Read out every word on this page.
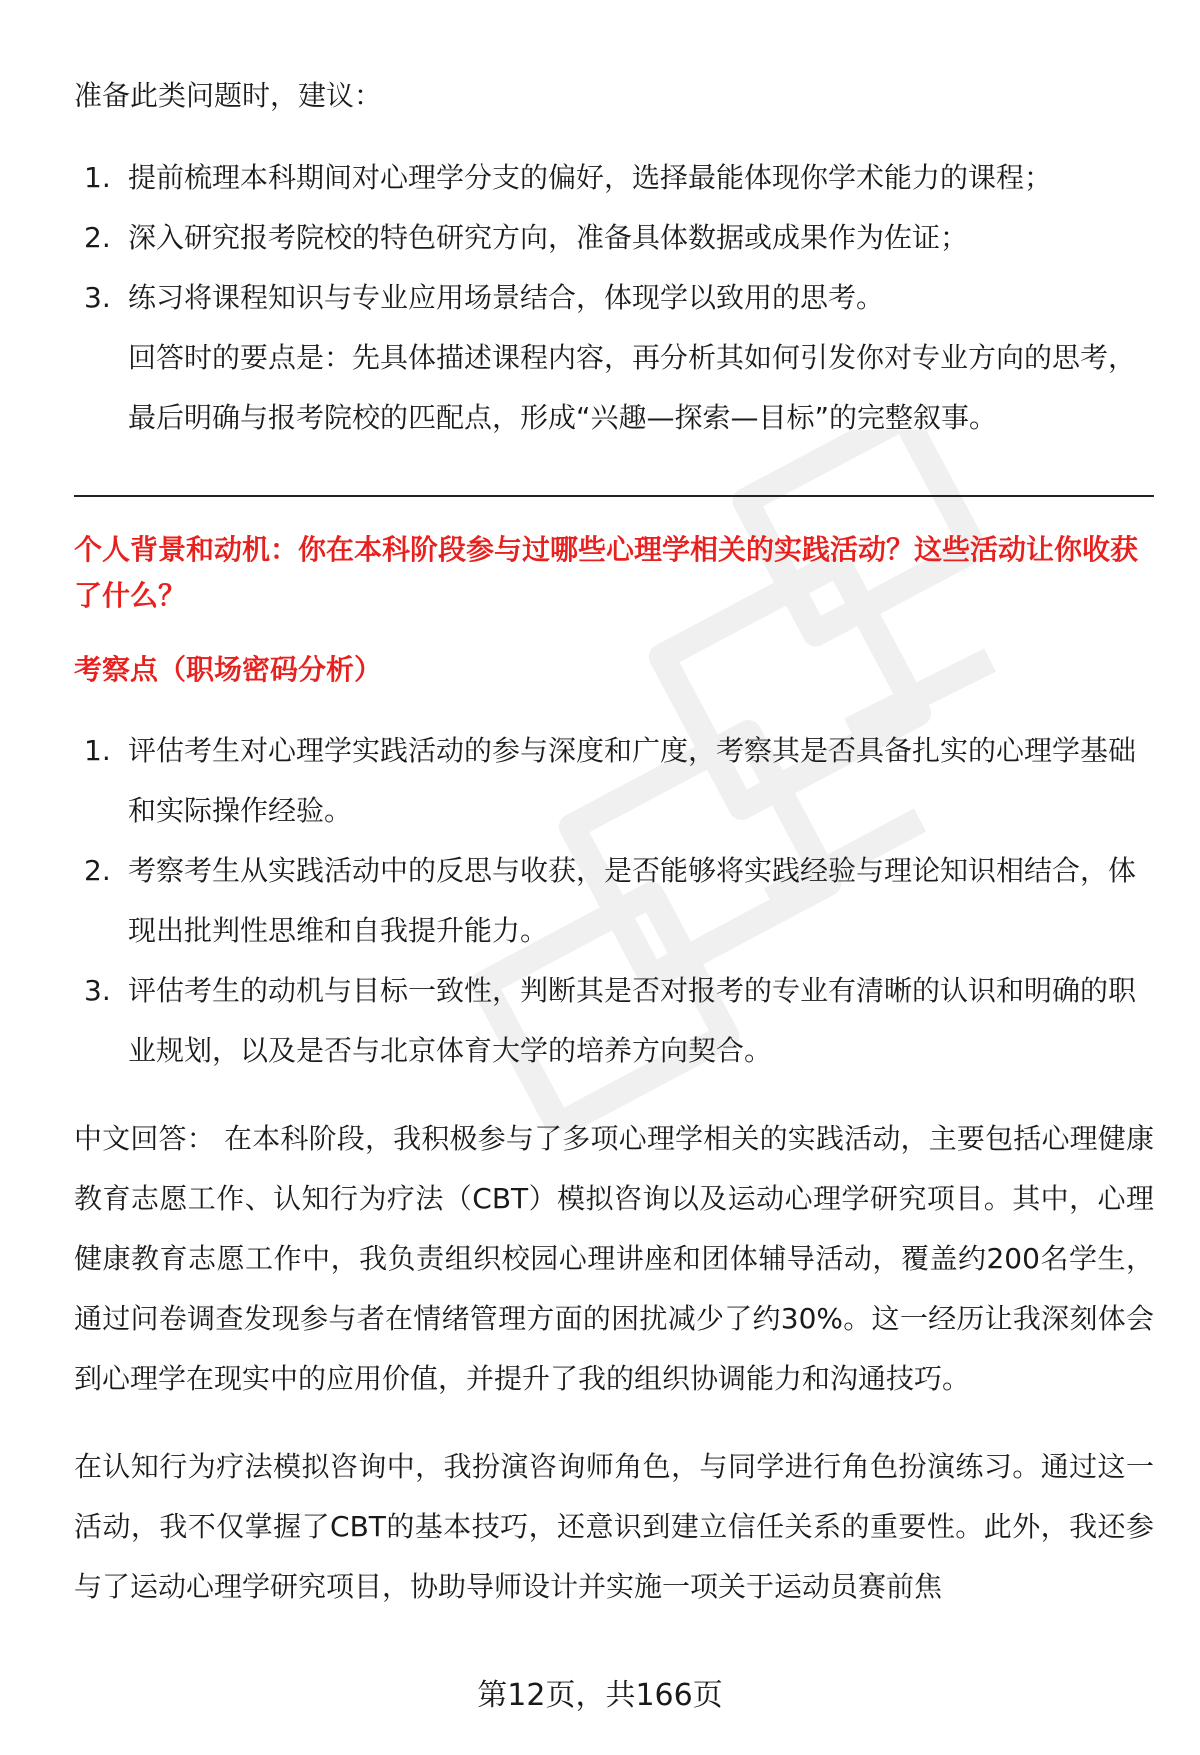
准备此类问题时，建议：

1. 提前梳理本科期间对心理学分支的偏好，选择最能体现你学术能力的课程；
2. 深入研究报考院校的特色研究方向，准备具体数据或成果作为佐证；
3. 练习将课程知识与专业应用场景结合，体现学以致用的思考。

回答时的要点是：先具体描述课程内容，再分析其如何引发你对专业方向的思考，最后明确与报考院校的匹配点，形成“兴趣—探索—目标”的完整叙事。

个人背景和动机：你在本科阶段参与过哪些心理学相关的实践活动？这些活动让你收获了什么？

考察点（职场密码分析）

1. 评估考生对心理学实践活动的参与深度和广度，考察其是否具备扎实的心理学基础和实际操作经验。
2. 考察考生从实践活动中的反思与收获，是否能够将实践经验与理论知识相结合，体现出批判性思维和自我提升能力。
3. 评估考生的动机与目标一致性，判断其是否对报考的专业有清晰的认识和明确的职业规划，以及是否与北京体育大学的培养方向契合。

中文回答： 在本科阶段，我积极参与了多项心理学相关的实践活动，主要包括心理健康教育志愿工作、认知行为疗法（CBT）模拟咨询以及运动心理学研究项目。其中，心理健康教育志愿工作中，我负责组织校园心理讲座和团体辅导活动，覆盖约200名学生，通过问卷调查发现参与者在情绪管理方面的困扰减少了约30%。这一经历让我深刻体会到心理学在现实中的应用价值，并提升了我的组织协调能力和沟通技巧。

在认知行为疗法模拟咨询中，我扮演咨询师角色，与同学进行角色扮演练习。通过这一活动，我不仅掌握了CBT的基本技巧，还意识到建立信任关系的重要性。此外，我还参与了运动心理学研究项目，协助导师设计并实施一项关于运动员赛前焦

第12页，共166页
